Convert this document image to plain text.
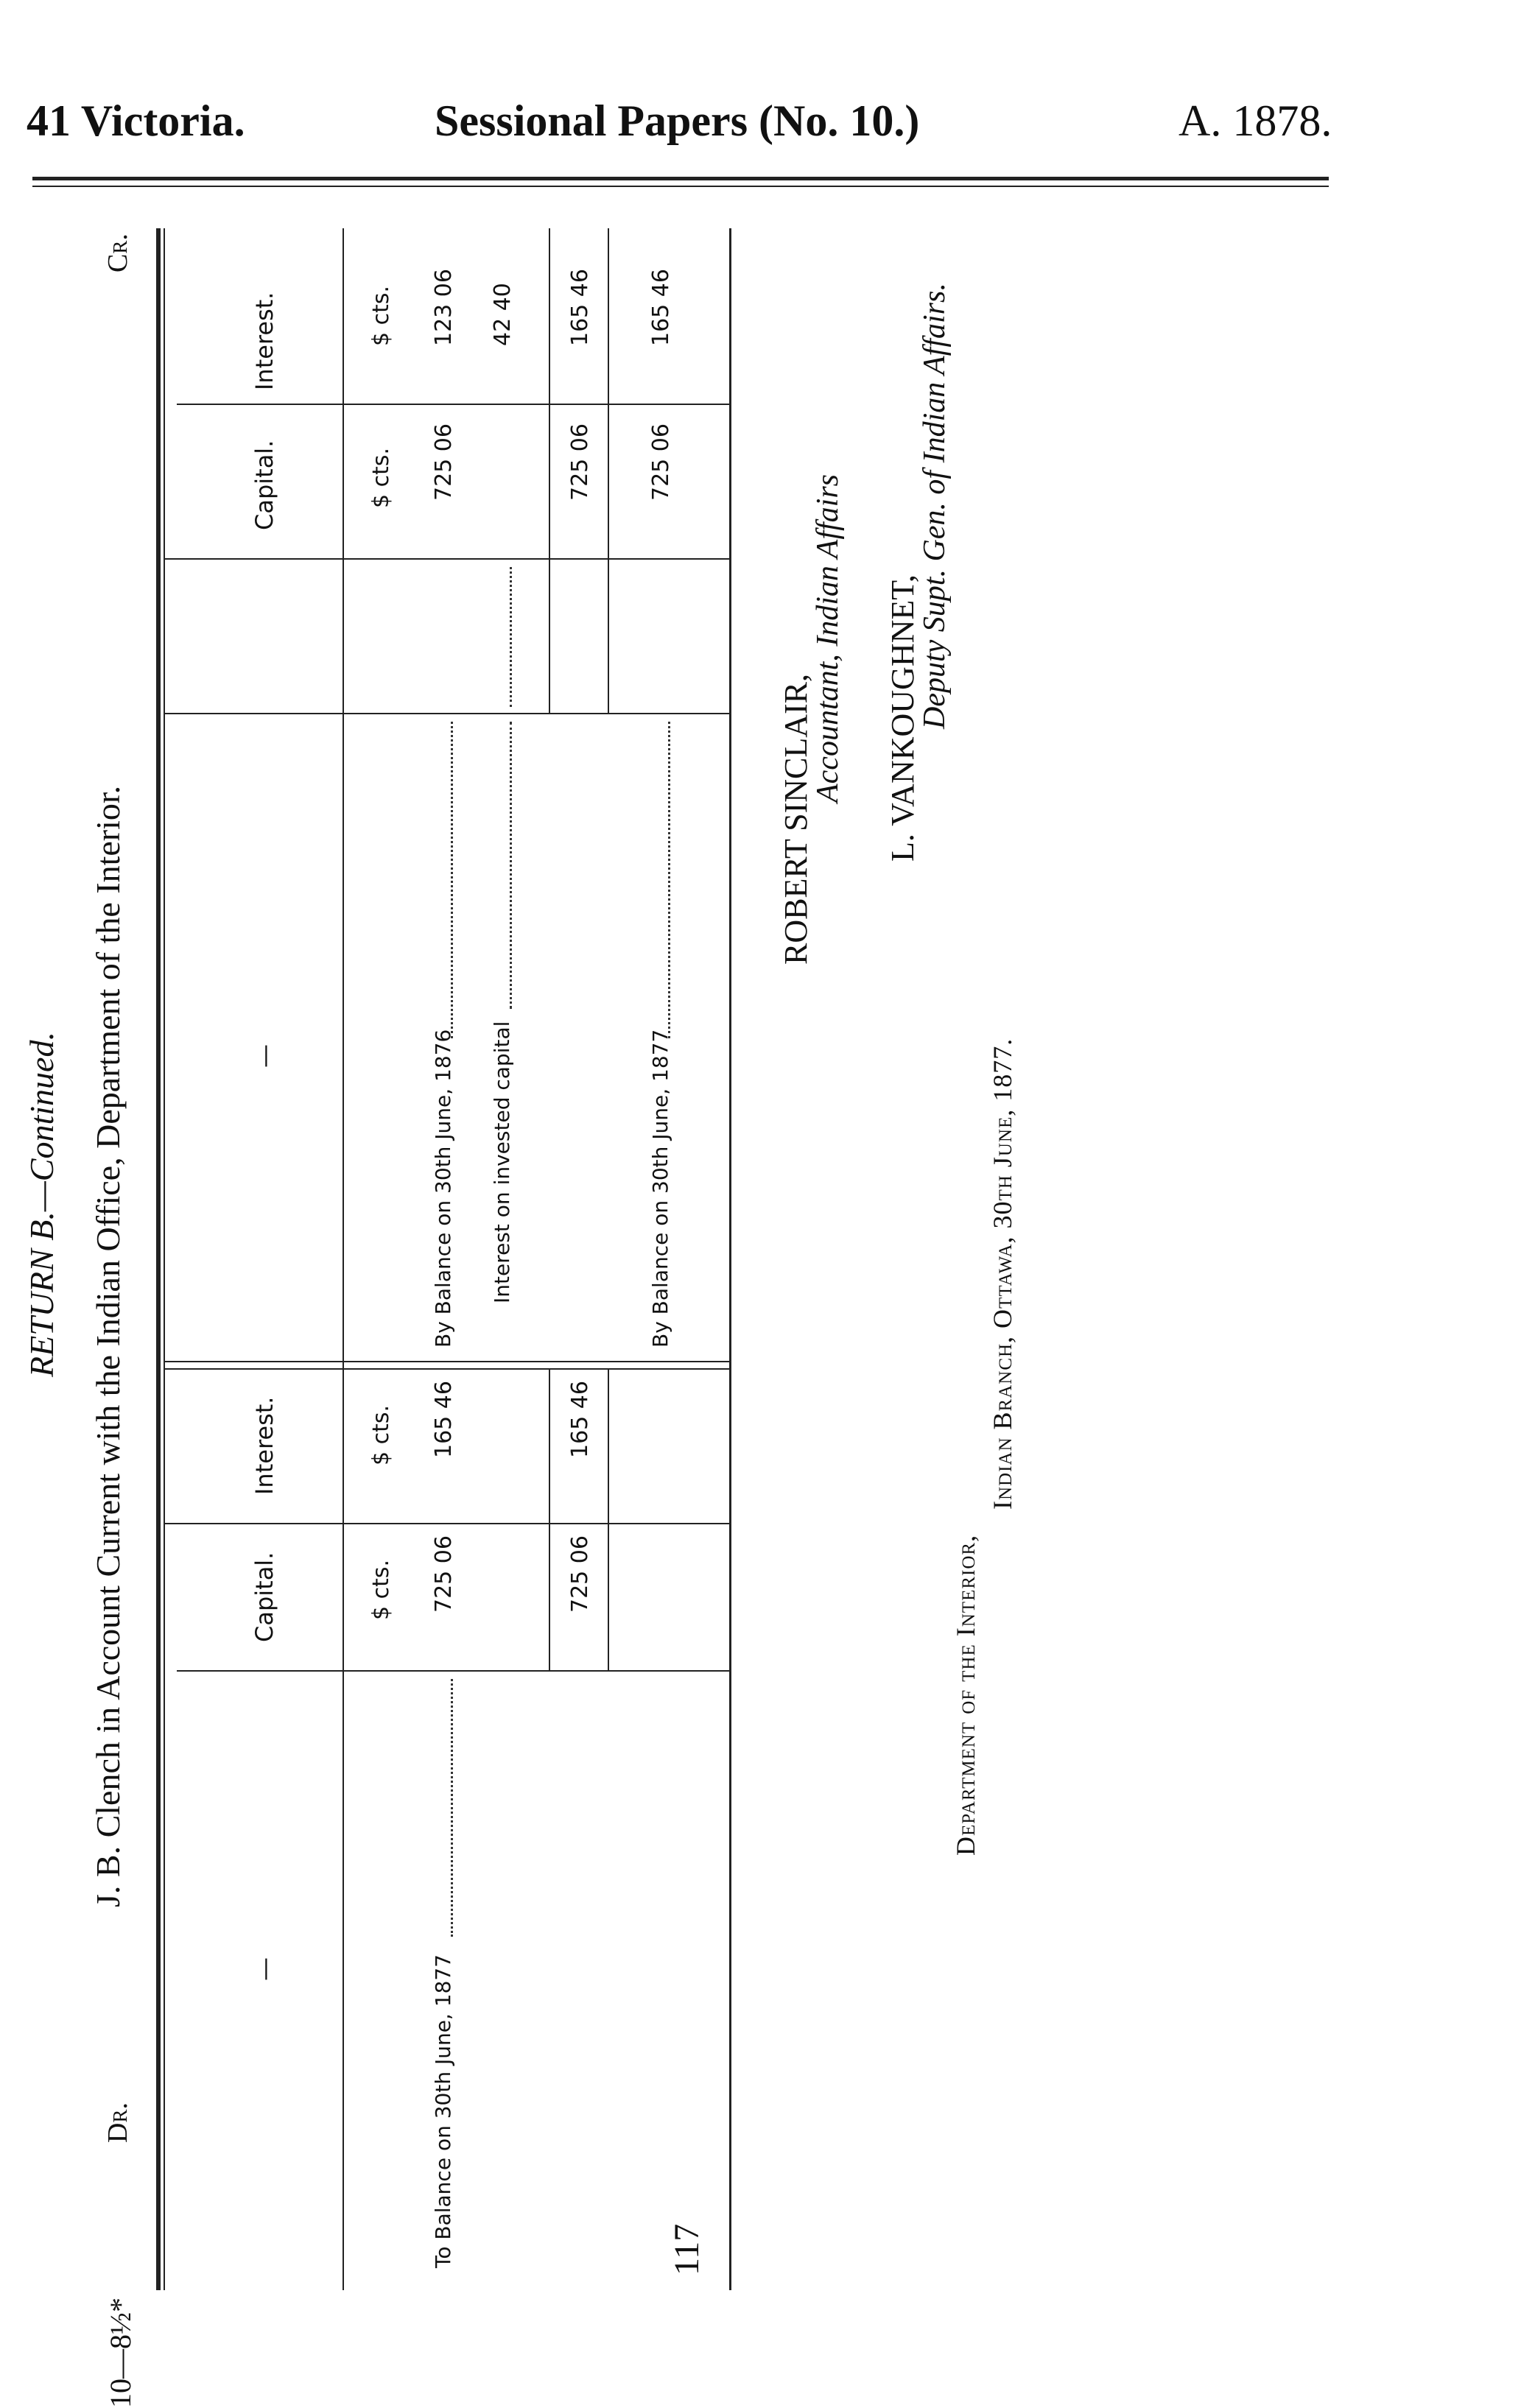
41 Victoria.	Sessional Papers (No. 10.)	A. 1878.
RETURN B.—Continued. J. B. Clench in Account Current with the Indian Office, Department of the Interior.
Dr.
Cr.
—
Capital.
Interest.
—
Capital.
Interest.
$ cts.
$ cts.
$ cts.
$ cts.
To Balance on 30th June, 1877
725 06
165 46
725 06
165 46
By Balance on 30th June, 1876
725 06
123 06
Interest on invested capital
42 40
725 06
165 46
By Balance on 30th June, 1877
725 06
165 46
ROBERT SINCLAIR,
Accountant, Indian Affairs L. VANKOUGHNET,
Deputy Supt. Gen. of Indian Affairs.
Department of the Interior,
Indian Branch, Ottawa, 30th June, 1877.
117
10—8½*
